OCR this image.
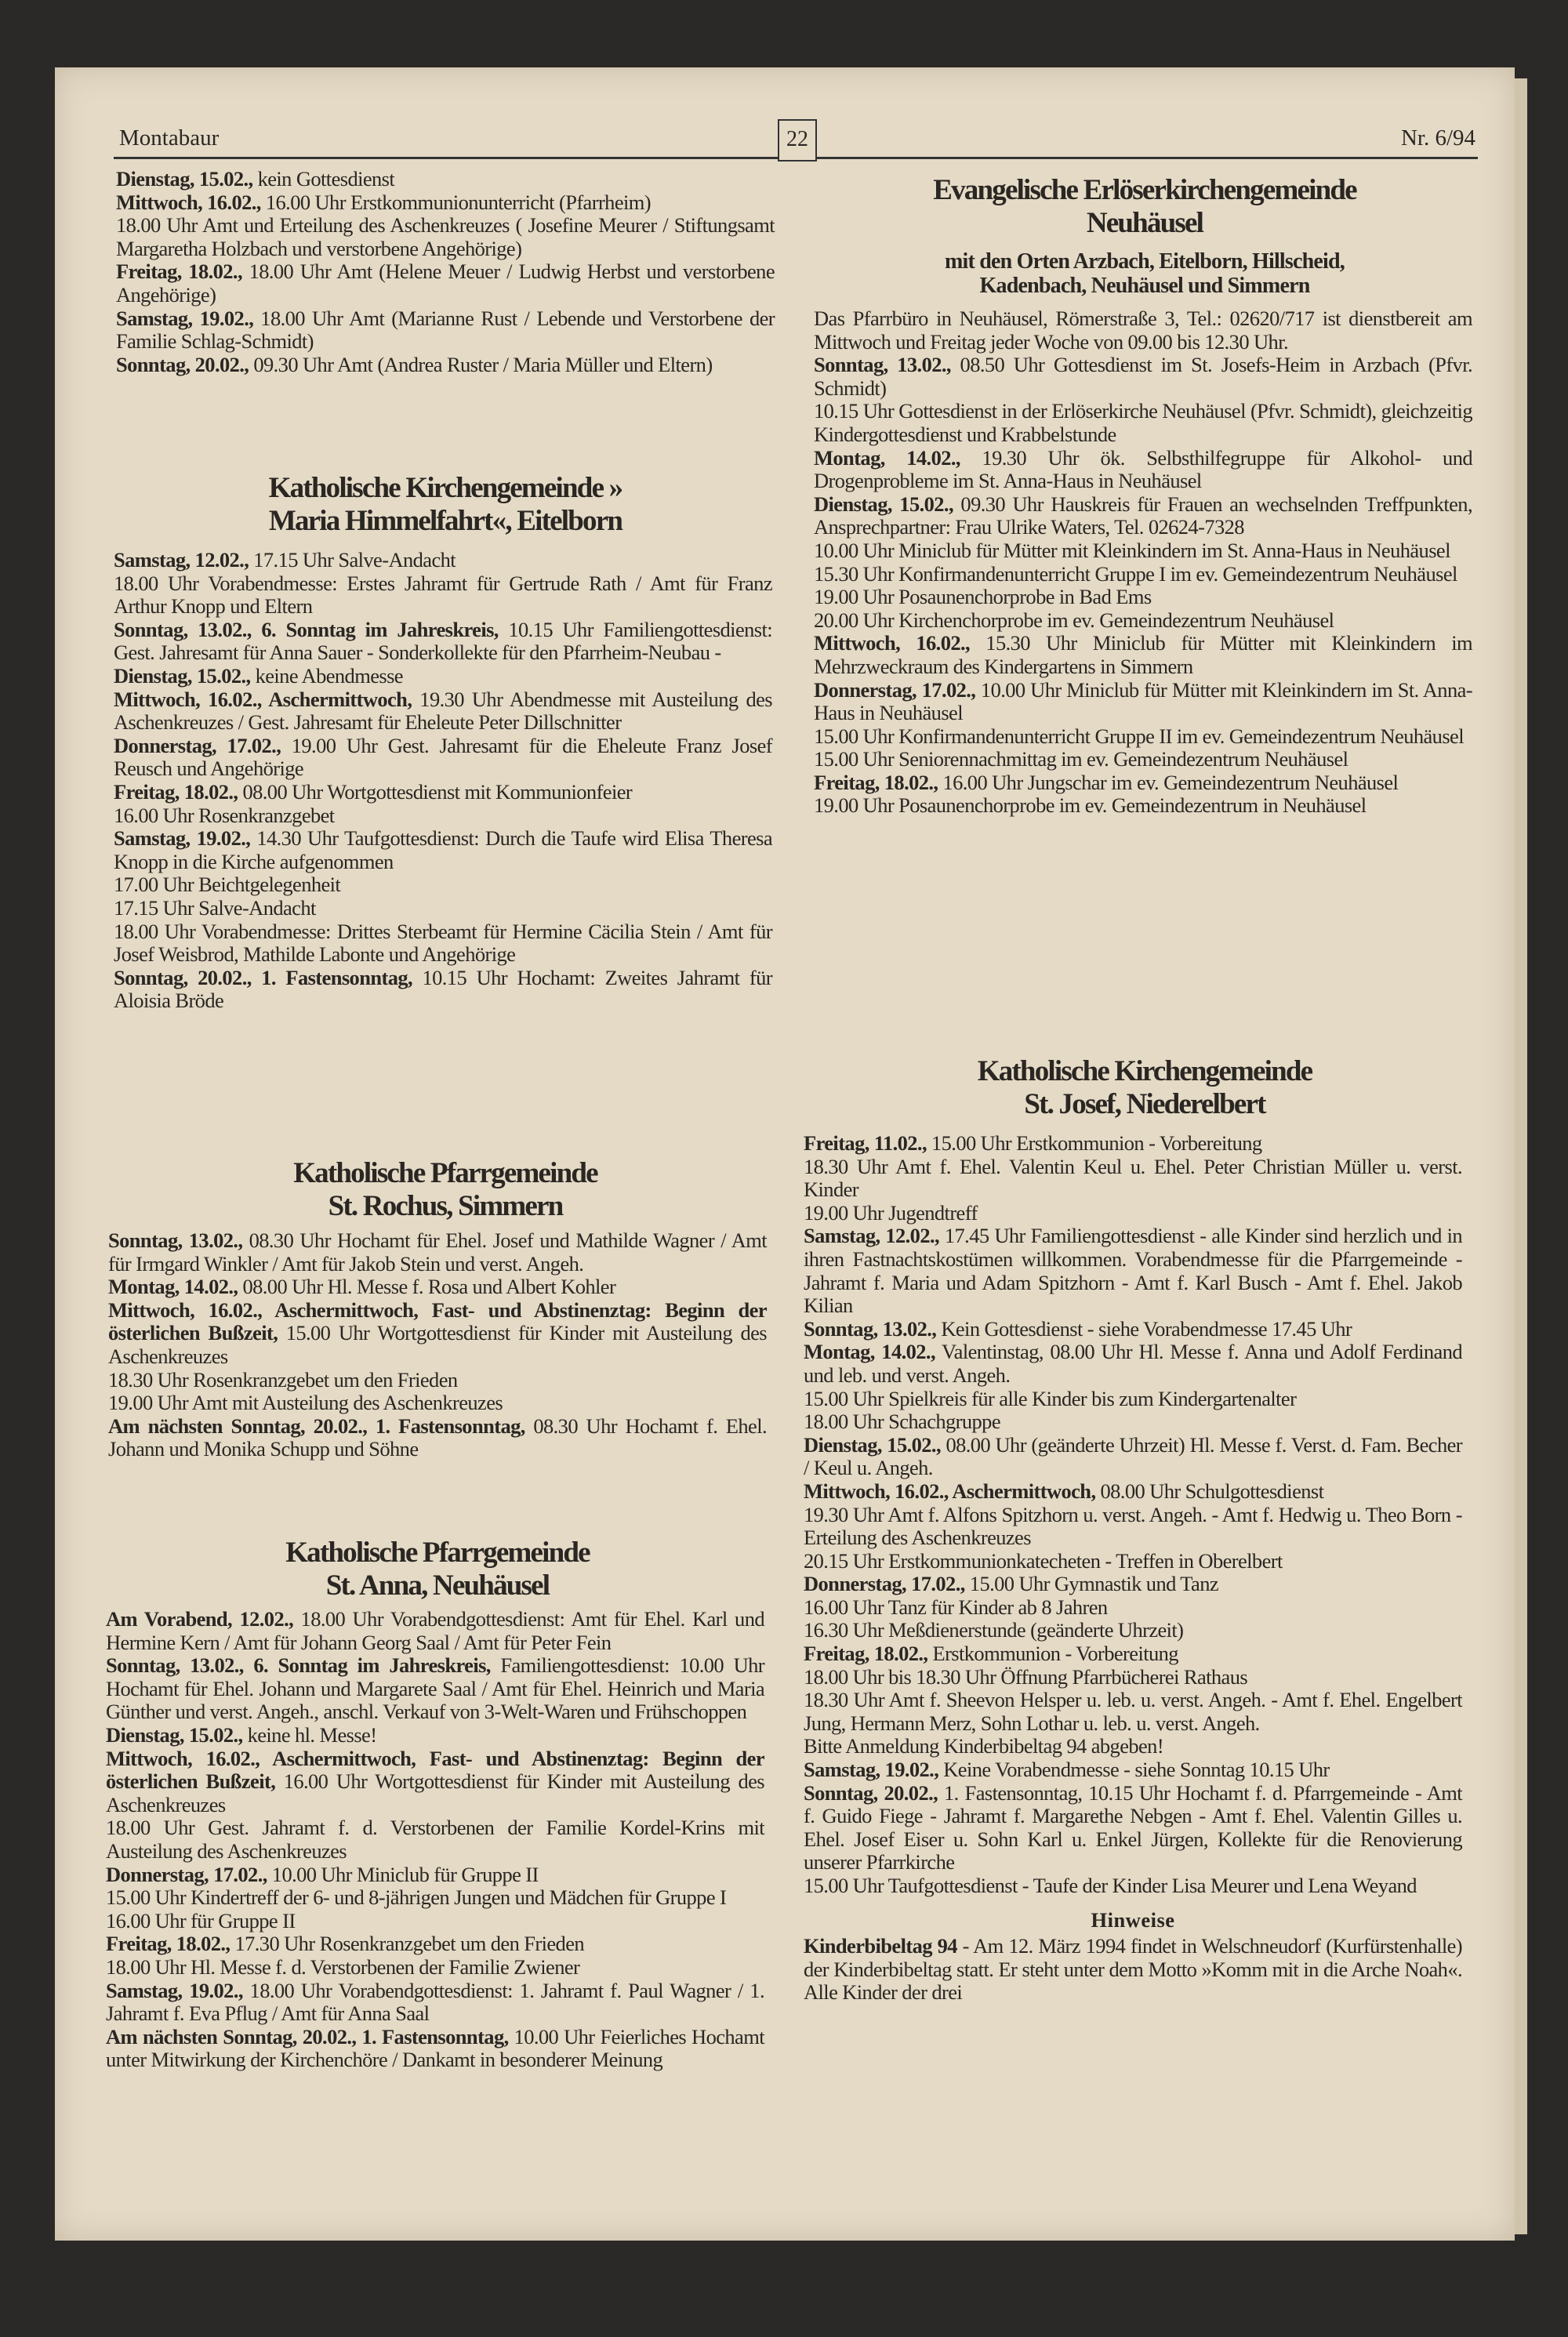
Montabaur	22	Nr. 6/94

Dienstag, 15.02., kein Gottesdienst

Mittwoch, 16.02., 16.00 Uhr Erstkommunionunterricht (Pfarrheim)

18.00 Uhr Amt und Erteilung des Aschenkreuzes ( Josefine Meurer / Stiftungsamt Margaretha Holzbach und verstorbene Angehörige)

Freitag, 18.02., 18.00 Uhr Amt (Helene Meuer / Ludwig Herbst und verstorbene Angehörige)

Samstag, 19.02., 18.00 Uhr Amt (Marianne Rust / Lebende und Verstorbene der Familie Schlag-Schmidt)

Sonntag, 20.02., 09.30 Uhr Amt (Andrea Ruster / Maria Müller und Eltern)

Katholische Kirchengemeinde »
Maria Himmelfahrt«, Eitelborn

Samstag, 12.02., 17.15 Uhr Salve-Andacht

18.00 Uhr Vorabendmesse: Erstes Jahramt für Gertrude Rath / Amt für Franz Arthur Knopp und Eltern

Sonntag, 13.02., 6. Sonntag im Jahreskreis, 10.15 Uhr Familiengottesdienst: Gest. Jahresamt für Anna Sauer - Sonderkollekte für den Pfarrheim-Neubau -

Dienstag, 15.02., keine Abendmesse

Mittwoch, 16.02., Aschermittwoch, 19.30 Uhr Abendmesse mit Austeilung des Aschenkreuzes / Gest. Jahresamt für Eheleute Peter Dillschnitter

Donnerstag, 17.02., 19.00 Uhr Gest. Jahresamt für die Eheleute Franz Josef Reusch und Angehörige

Freitag, 18.02., 08.00 Uhr Wortgottesdienst mit Kommunionfeier

16.00 Uhr Rosenkranzgebet

Samstag, 19.02., 14.30 Uhr Taufgottesdienst: Durch die Taufe wird Elisa Theresa Knopp in die Kirche aufgenommen

17.00 Uhr Beichtgelegenheit

17.15 Uhr Salve-Andacht

18.00 Uhr Vorabendmesse: Drittes Sterbeamt für Hermine Cäcilia Stein / Amt für Josef Weisbrod, Mathilde Labonte und Angehörige

Sonntag, 20.02., 1. Fastensonntag, 10.15 Uhr Hochamt: Zweites Jahramt für Aloisia Bröde

Katholische Pfarrgemeinde
St. Rochus, Simmern

Sonntag, 13.02., 08.30 Uhr Hochamt für Ehel. Josef und Mathilde Wagner / Amt für Irmgard Winkler / Amt für Jakob Stein und verst. Angeh.

Montag, 14.02., 08.00 Uhr Hl. Messe f. Rosa und Albert Kohler

Mittwoch, 16.02., Aschermittwoch, Fast- und Abstinenztag: Beginn der österlichen Bußzeit, 15.00 Uhr Wortgottesdienst für Kinder mit Austeilung des Aschenkreuzes

18.30 Uhr Rosenkranzgebet um den Frieden

19.00 Uhr Amt mit Austeilung des Aschenkreuzes

Am nächsten Sonntag, 20.02., 1. Fastensonntag, 08.30 Uhr Hochamt f. Ehel. Johann und Monika Schupp und Söhne

Katholische Pfarrgemeinde
St. Anna, Neuhäusel

Am Vorabend, 12.02., 18.00 Uhr Vorabendgottesdienst: Amt für Ehel. Karl und Hermine Kern / Amt für Johann Georg Saal / Amt für Peter Fein

Sonntag, 13.02., 6. Sonntag im Jahreskreis, Familiengottesdienst: 10.00 Uhr Hochamt für Ehel. Johann und Margarete Saal / Amt für Ehel. Heinrich und Maria Günther und verst. Angeh., anschl. Verkauf von 3-Welt-Waren und Frühschoppen

Dienstag, 15.02., keine hl. Messe!

Mittwoch, 16.02., Aschermittwoch, Fast- und Abstinenztag: Beginn der österlichen Bußzeit, 16.00 Uhr Wortgottesdienst für Kinder mit Austeilung des Aschenkreuzes

18.00 Uhr Gest. Jahramt f. d. Verstorbenen der Familie Kordel-Krins mit Austeilung des Aschenkreuzes

Donnerstag, 17.02., 10.00 Uhr Miniclub für Gruppe II

15.00 Uhr Kindertreff der 6- und 8-jährigen Jungen und Mädchen für Gruppe I

16.00 Uhr für Gruppe II

Freitag, 18.02., 17.30 Uhr Rosenkranzgebet um den Frieden

18.00 Uhr Hl. Messe f. d. Verstorbenen der Familie Zwiener

Samstag, 19.02., 18.00 Uhr Vorabendgottesdienst: 1. Jahramt f. Paul Wagner / 1. Jahramt f. Eva Pflug / Amt für Anna Saal

Am nächsten Sonntag, 20.02., 1. Fastensonntag, 10.00 Uhr Feierliches Hochamt unter Mitwirkung der Kirchenchöre / Dankamt in besonderer Meinung

Evangelische Erlöserkirchengemeinde
Neuhäusel
mit den Orten Arzbach, Eitelborn, Hillscheid,
Kadenbach, Neuhäusel und Simmern

Das Pfarrbüro in Neuhäusel, Römerstraße 3, Tel.: 02620/717 ist dienstbereit am Mittwoch und Freitag jeder Woche von 09.00 bis 12.30 Uhr.

Sonntag, 13.02., 08.50 Uhr Gottesdienst im St. Josefs-Heim in Arzbach (Pfvr. Schmidt)

10.15 Uhr Gottesdienst in der Erlöserkirche Neuhäusel (Pfvr. Schmidt), gleichzeitig Kindergottesdienst und Krabbelstunde

Montag, 14.02., 19.30 Uhr ök. Selbsthilfegruppe für Alkohol- und Drogenprobleme im St. Anna-Haus in Neuhäusel

Dienstag, 15.02., 09.30 Uhr Hauskreis für Frauen an wechselnden Treffpunkten, Ansprechpartner: Frau Ulrike Waters, Tel. 02624-7328

10.00 Uhr Miniclub für Mütter mit Kleinkindern im St. Anna-Haus in Neuhäusel

15.30 Uhr Konfirmandenunterricht Gruppe I im ev. Gemeindezentrum Neuhäusel

19.00 Uhr Posaunenchorprobe in Bad Ems

20.00 Uhr Kirchenchorprobe im ev. Gemeindezentrum Neuhäusel

Mittwoch, 16.02., 15.30 Uhr Miniclub für Mütter mit Kleinkindern im Mehrzweckraum des Kindergartens in Simmern

Donnerstag, 17.02., 10.00 Uhr Miniclub für Mütter mit Kleinkindern im St. Anna-Haus in Neuhäusel

15.00 Uhr Konfirmandenunterricht Gruppe II im ev. Gemeindezentrum Neuhäusel

15.00 Uhr Seniorennachmittag im ev. Gemeindezentrum Neuhäusel

Freitag, 18.02., 16.00 Uhr Jungschar im ev. Gemeindezentrum Neuhäusel

19.00 Uhr Posaunenchorprobe im ev. Gemeindezentrum in Neuhäusel

Katholische Kirchengemeinde
St. Josef, Niederelbert

Freitag, 11.02., 15.00 Uhr Erstkommunion - Vorbereitung

18.30 Uhr Amt f. Ehel. Valentin Keul u. Ehel. Peter Christian Müller u. verst. Kinder

19.00 Uhr Jugendtreff

Samstag, 12.02., 17.45 Uhr Familiengottesdienst - alle Kinder sind herzlich und in ihren Fastnachtskostümen willkommen. Vorabendmesse für die Pfarrgemeinde - Jahramt f. Maria und Adam Spitzhorn - Amt f. Karl Busch - Amt f. Ehel. Jakob Kilian

Sonntag, 13.02., Kein Gottesdienst - siehe Vorabendmesse 17.45 Uhr

Montag, 14.02., Valentinstag, 08.00 Uhr Hl. Messe f. Anna und Adolf Ferdinand und leb. und verst. Angeh.

15.00 Uhr Spielkreis für alle Kinder bis zum Kindergartenalter

18.00 Uhr Schachgruppe

Dienstag, 15.02., 08.00 Uhr (geänderte Uhrzeit) Hl. Messe f. Verst. d. Fam. Becher / Keul u. Angeh.

Mittwoch, 16.02., Aschermittwoch, 08.00 Uhr Schulgottesdienst

19.30 Uhr Amt f. Alfons Spitzhorn u. verst. Angeh. - Amt f. Hedwig u. Theo Born - Erteilung des Aschenkreuzes

20.15 Uhr Erstkommunionkatecheten - Treffen in Oberelbert

Donnerstag, 17.02., 15.00 Uhr Gymnastik und Tanz

16.00 Uhr Tanz für Kinder ab 8 Jahren

16.30 Uhr Meßdienerstunde (geänderte Uhrzeit)

Freitag, 18.02., Erstkommunion - Vorbereitung

18.00 Uhr bis 18.30 Uhr Öffnung Pfarrbücherei Rathaus

18.30 Uhr Amt f. Sheevon Helsper u. leb. u. verst. Angeh. - Amt f. Ehel. Engelbert Jung, Hermann Merz, Sohn Lothar u. leb. u. verst. Angeh.

Bitte Anmeldung Kinderbibeltag 94 abgeben!

Samstag, 19.02., Keine Vorabendmesse - siehe Sonntag 10.15 Uhr

Sonntag, 20.02., 1. Fastensonntag, 10.15 Uhr Hochamt f. d. Pfarrgemeinde - Amt f. Guido Fiege - Jahramt f. Margarethe Nebgen - Amt f. Ehel. Valentin Gilles u. Ehel. Josef Eiser u. Sohn Karl u. Enkel Jürgen, Kollekte für die Renovierung unserer Pfarrkirche

15.00 Uhr Taufgottesdienst - Taufe der Kinder Lisa Meurer und Lena Weyand

Hinweise

Kinderbibeltag 94 - Am 12. März 1994 findet in Welschneudorf (Kurfürstenhalle) der Kinderbibeltag statt. Er steht unter dem Motto »Komm mit in die Arche Noah«. Alle Kinder der drei
